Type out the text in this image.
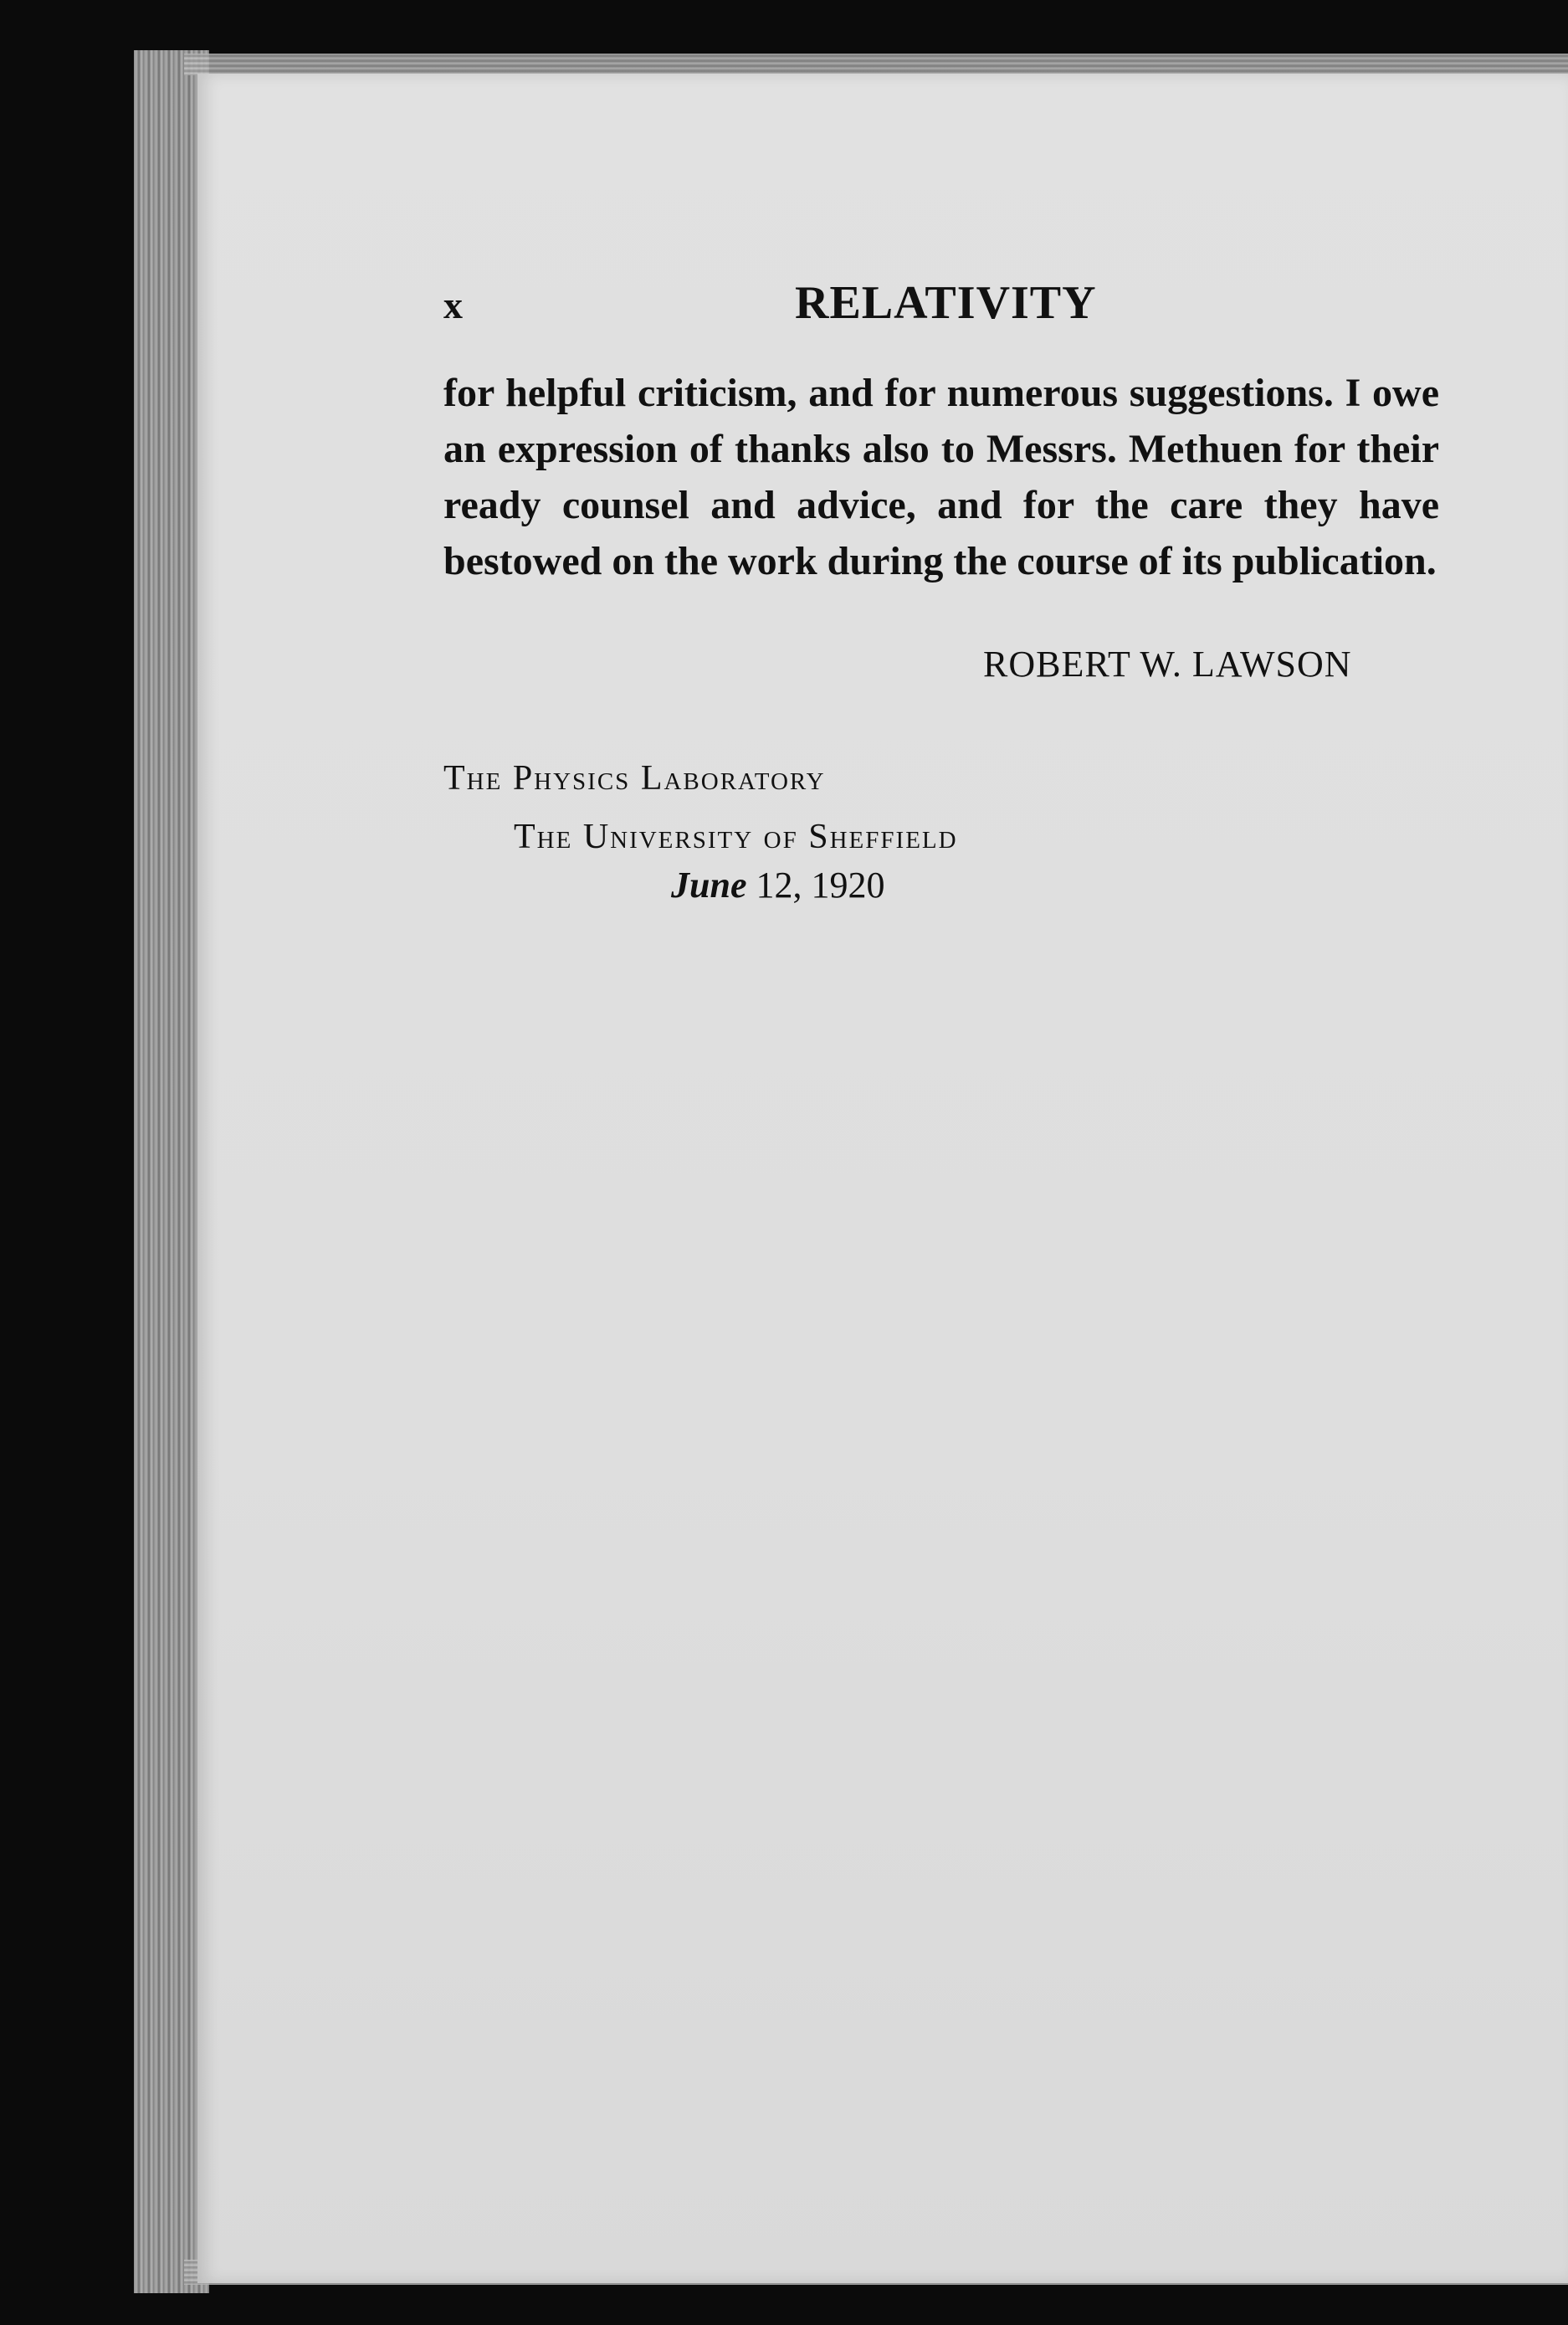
x	RELATIVITY

for helpful criticism, and for numerous suggestions. I owe an expression of thanks also to Messrs. Methuen for their ready counsel and advice, and for the care they have bestowed on the work during the course of its publication.

ROBERT W. LAWSON
The Physics Laboratory
The University of Sheffield
June 12, 1920
